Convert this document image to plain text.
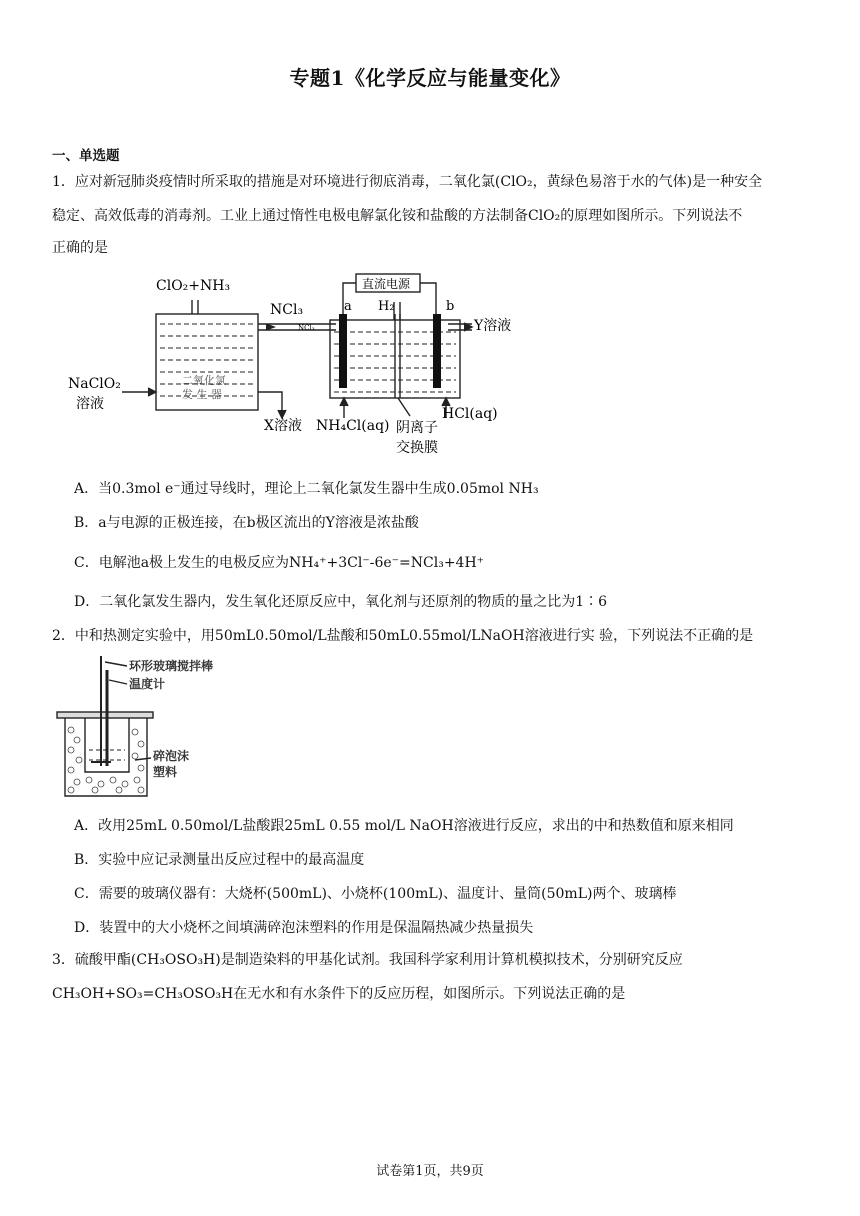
专题1《化学反应与能量变化》
一、单选题
1．应对新冠肺炎疫情时所采取的措施是对环境进行彻底消毒，二氧化氯(ClO₂，黄绿色易溶于水的气体)是一种安全
稳定、高效低毒的消毒剂。工业上通过惰性电极电解氯化铵和盐酸的方法制备ClO₂的原理如图所示。下列说法不
正确的是
ClO₂+NH₃
NCl₃
NCl₃
a	b
直流电源
H₂
Y溶液
NaClO₂
溶液
二氧化氯
发 生 器
X溶液 NH₄Cl(aq) 阴离子
交换膜
HCl(aq)
A．当0.3mol e⁻通过导线时，理论上二氧化氯发生器中生成0.05mol NH₃
B．a与电源的正极连接，在b极区流出的Y溶液是浓盐酸
C．电解池a极上发生的电极反应为NH₄⁺+3Cl⁻-6e⁻=NCl₃+4H⁺
D．二氧化氯发生器内，发生氧化还原反应中，氧化剂与还原剂的物质的量之比为1∶6
2．中和热测定实验中，用50mL0.50mol/L盐酸和50mL0.55mol/LNaOH溶液进行实 验，下列说法不正确的是
环形玻璃搅拌棒
温度计
碎泡沫
塑料
A．改用25mL 0.50mol/L盐酸跟25mL 0.55 mol/L NaOH溶液进行反应，求出的中和热数值和原来相同
B．实验中应记录测量出反应过程中的最高温度
C．需要的玻璃仪器有：大烧杯(500mL)、小烧杯(100mL)、温度计、量筒(50mL)两个、玻璃棒
D．装置中的大小烧杯之间填满碎泡沫塑料的作用是保温隔热减少热量损失
3．硫酸甲酯(CH₃OSO₃H)是制造染料的甲基化试剂。我国科学家利用计算机模拟技术，分别研究反应
CH₃OH+SO₃=CH₃OSO₃H在无水和有水条件下的反应历程，如图所示。下列说法正确的是
试卷第1页，共9页
